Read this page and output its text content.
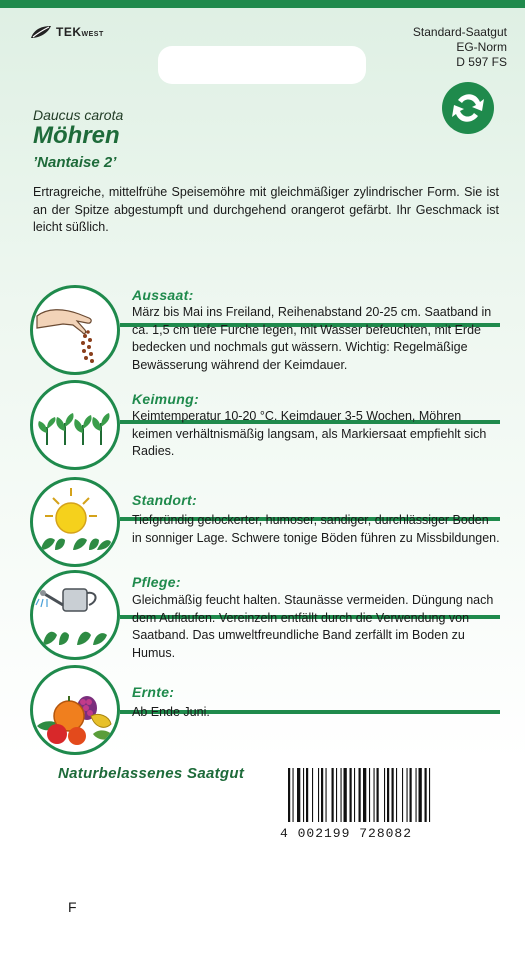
TEKWEST	Standard-Saatgut
EG-Norm
D 597 FS
Daucus carota
Möhren
’Nantaise 2’
Ertragreiche, mittelfrühe Speisemöhre mit gleichmäßiger zylindrischer Form. Sie ist an der Spitze abgestumpft und durchgehend orangerot gefärbt. Ihr Geschmack ist leicht süßlich.
Aussaat:
März bis Mai ins Freiland, Reihenabstand 20-25 cm. Saatband in ca. 1,5 cm tiefe Furche legen, mit Wasser befeuchten, mit Erde bedecken und nochmals gut wässern. Wichtig: Regelmäßige Bewässerung während der Keimdauer.
Keimung:
Keimtemperatur 10-20 °C. Keimdauer 3-5 Wochen, Möhren keimen verhältnismäßig langsam, als Markiersaat empfiehlt sich Radies.
Standort:
Tiefgründig gelockerter, humoser, sandiger, durchlässiger Boden in sonniger Lage. Schwere tonige Böden führen zu Missbildungen.
Pflege:
Gleichmäßig feucht halten. Staunässe vermeiden. Düngung nach dem Auflaufen. Vereinzeln entfällt durch die Verwendung von Saatband. Das umweltfreundliche Band zerfällt im Boden zu Humus.
Ernte:
Ab Ende Juni.
Naturbelassenes Saatgut
4 002199 728082
F
